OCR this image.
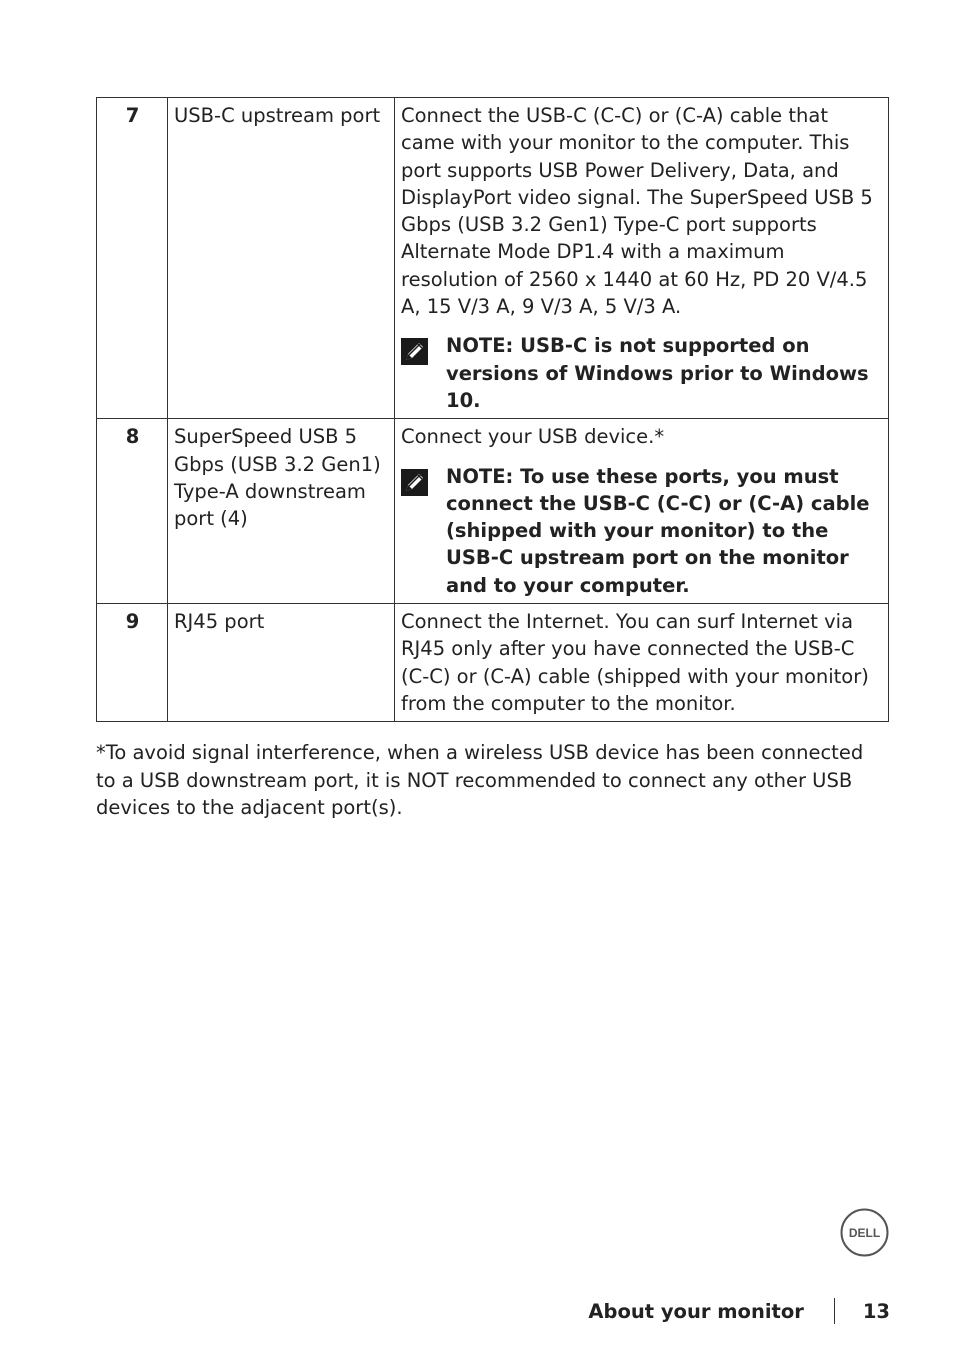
7	USB-C upstream port	Connect the USB-C (C-C) or (C-A) cable that came with your monitor to the computer. This port supports USB Power Delivery, Data, and DisplayPort video signal. The SuperSpeed USB 5 Gbps (USB 3.2 Gen1) Type-C port supports Alternate Mode DP1.4 with a maximum resolution of 2560 x 1440 at 60 Hz, PD 20 V/4.5 A, 15 V/3 A, 9 V/3 A, 5 V/3 A.

NOTE: USB-C is not supported on versions of Windows prior to Windows 10.

8	SuperSpeed USB 5 Gbps (USB 3.2 Gen1) Type-A downstream port (4)	Connect your USB device.*

NOTE: To use these ports, you must connect the USB-C (C-C) or (C-A) cable (shipped with your monitor) to the USB-C upstream port on the monitor and to your computer.

9	RJ45 port	Connect the Internet. You can surf Internet via RJ45 only after you have connected the USB-C (C-C) or (C-A) cable (shipped with your monitor) from the computer to the monitor.

*To avoid signal interference, when a wireless USB device has been connected to a USB downstream port, it is NOT recommended to connect any other USB devices to the adjacent port(s).

DELL
About your monitor	13
